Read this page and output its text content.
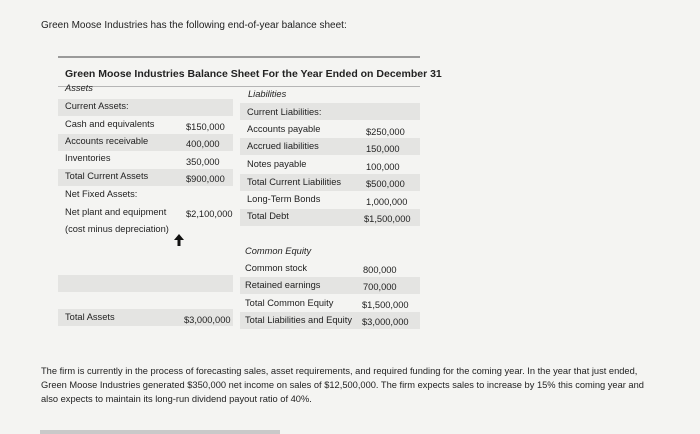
Green Moose Industries has the following end-of-year balance sheet:
Green Moose Industries Balance Sheet For the Year Ended on December 31
Assets
Liabilities
Current Assets:
Cash and equivalents	$150,000
Accounts receivable	400,000
Inventories	350,000
Total Current Assets	$900,000
Net Fixed Assets:
Net plant and equipment $2,100,000
(cost minus depreciation)
Total Assets	$3,000,000
Current Liabilities:
Accounts payable	$250,000
Accrued liabilities	150,000
Notes payable	100,000
Total Current Liabilities	$500,000
Long-Term Bonds	1,000,000
Total Debt	$1,500,000
Common Equity
Common stock	800,000
Retained earnings	700,000
Total Common Equity	$1,500,000
Total Liabilities and Equity $3,000,000
The firm is currently in the process of forecasting sales, asset requirements, and required funding for the coming year. In the year that just ended, Green Moose Industries generated $350,000 net income on sales of $12,500,000. The firm expects sales to increase by 15% this coming year and also expects to maintain its long-run dividend payout ratio of 40%.
